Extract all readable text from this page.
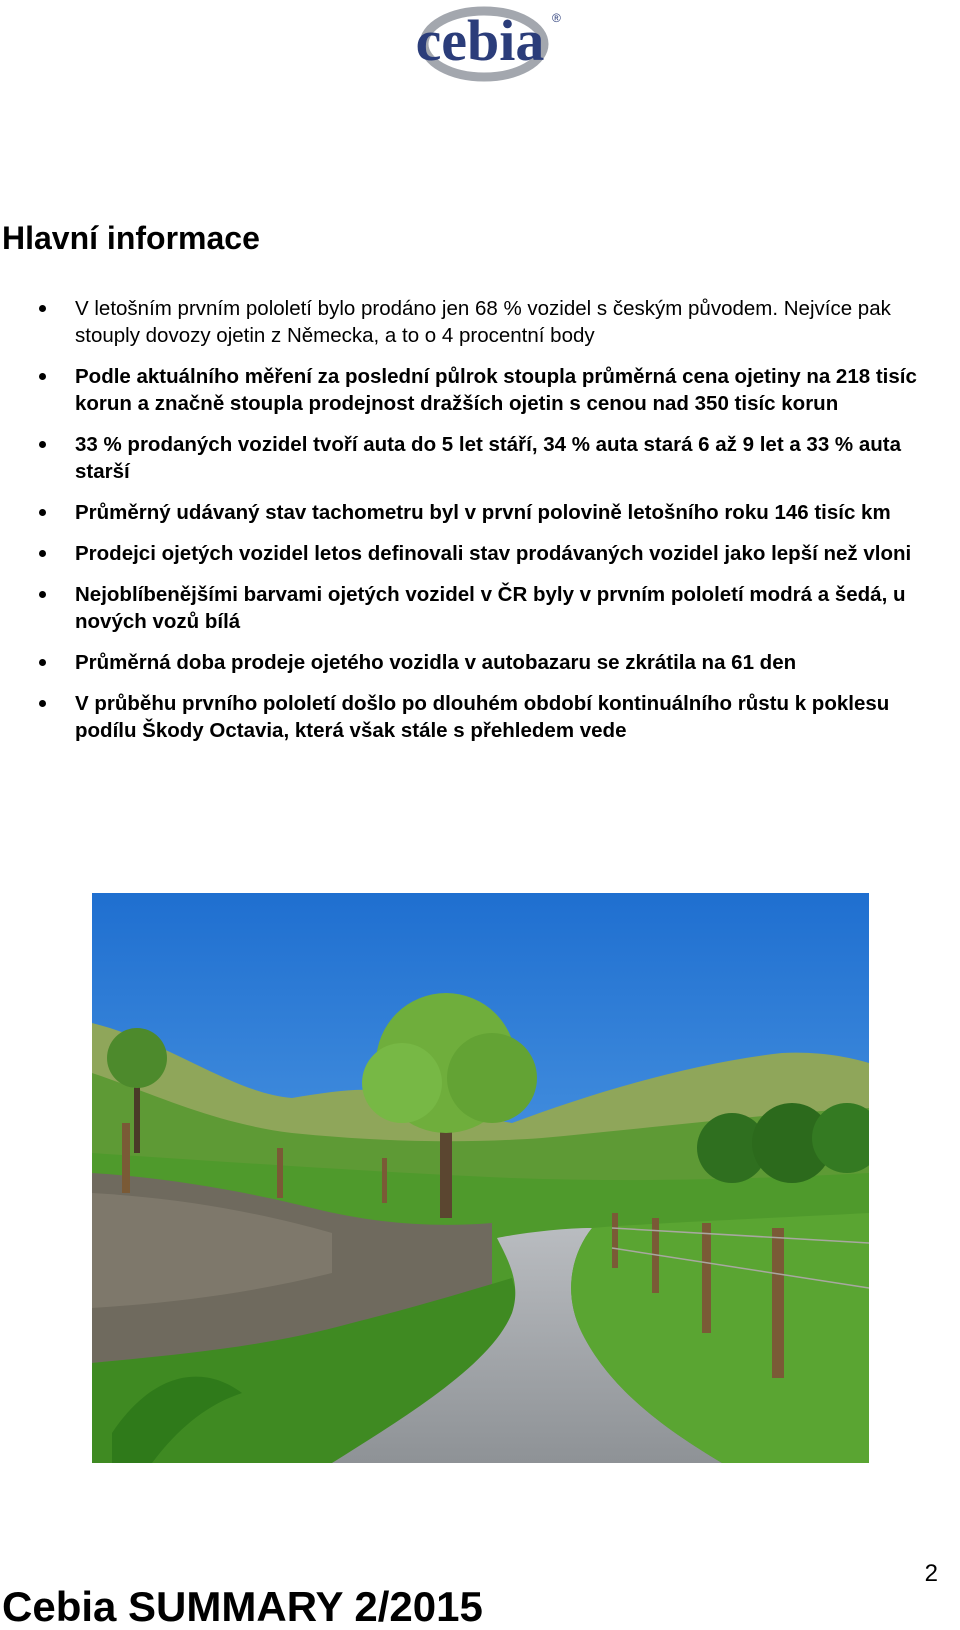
cebia ®
Hlavní informace
V letošním prvním pololetí bylo prodáno jen 68 % vozidel s českým původem. Nejvíce pak stouply dovozy ojetin z Německa, a to o 4 procentní body
Podle aktuálního měření za poslední půlrok stoupla průměrná cena ojetiny na 218 tisíc korun a značně stoupla prodejnost dražších ojetin s cenou nad 350 tisíc korun
33 % prodaných vozidel tvoří auta do 5 let stáří, 34 % auta stará 6 až 9 let a 33 % auta starší
Průměrný udávaný stav tachometru byl v první polovině letošního roku 146 tisíc km
Prodejci ojetých vozidel letos definovali stav prodávaných vozidel jako lepší než vloni
Nejoblíbenějšími barvami ojetých vozidel v ČR byly v prvním pololetí modrá a šedá, u nových vozů bílá
Průměrná doba prodeje ojetého vozidla v autobazaru se zkrátila na 61 den
V průběhu prvního pololetí došlo po dlouhém období kontinuálního růstu k poklesu podílu Škody Octavia, která však stále s přehledem vede
2
Cebia SUMMARY 2/2015
